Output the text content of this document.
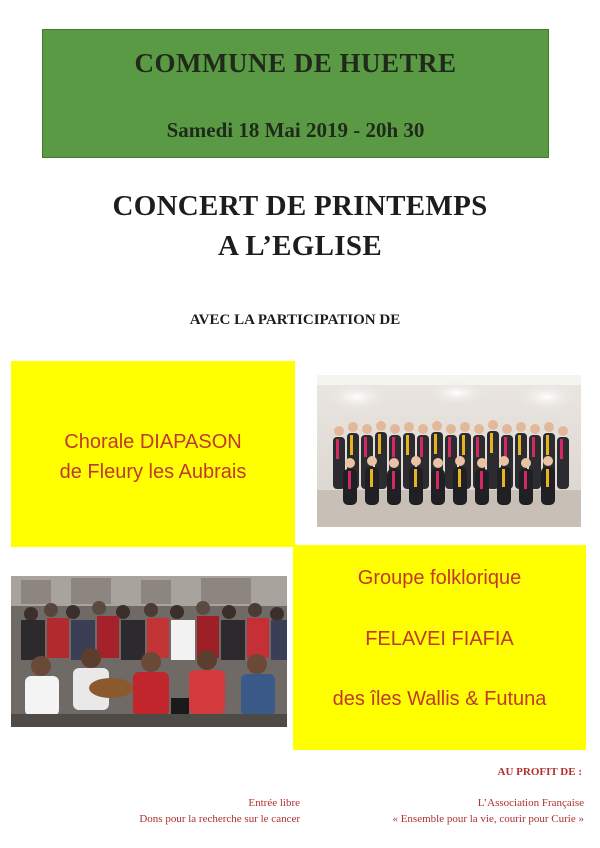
COMMUNE DE HUETRE
Samedi 18 Mai 2019 - 20h 30
CONCERT DE PRINTEMPS
A L’EGLISE
AVEC LA PARTICIPATION DE
Chorale DIAPASON
de Fleury les Aubrais
Groupe folklorique
FELAVEI FIAFIA
des îles Wallis & Futuna
AU PROFIT DE :
Entrée libre
Dons pour la recherche sur le cancer
L’Association Française
« Ensemble pour la vie, courir pour Curie »
